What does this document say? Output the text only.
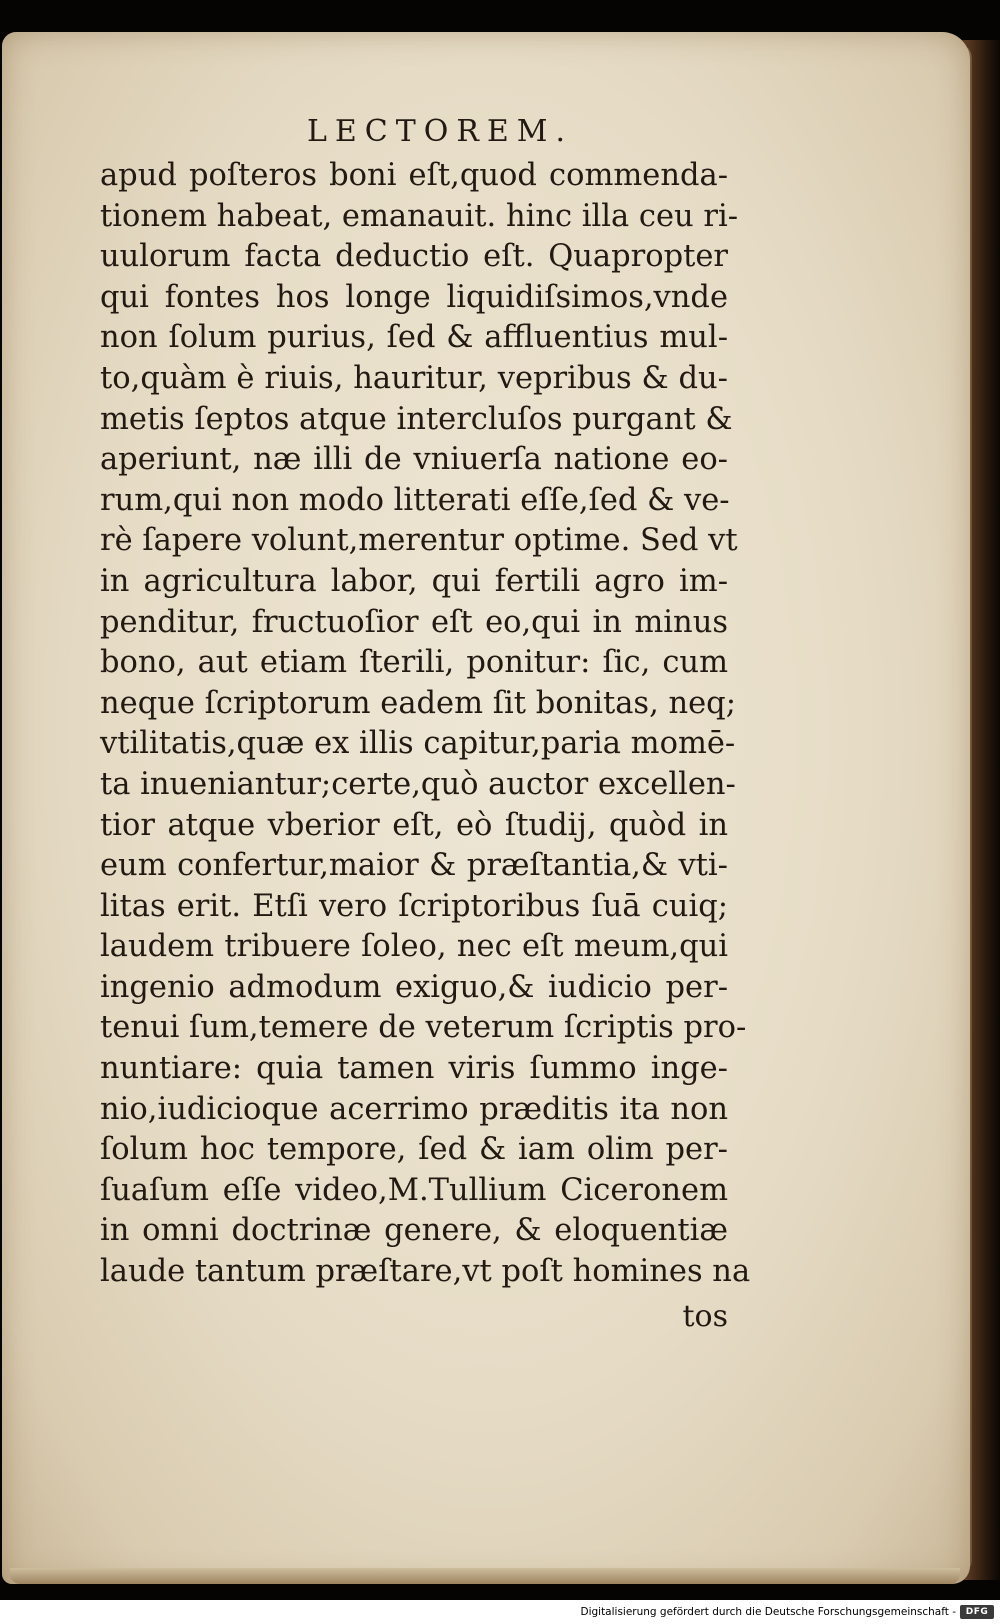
LECTOREM.
apud poſteros boni eſt,quod commenda-
tionem habeat, emanauit. hinc illa ceu ri-
uulorum facta deductio eſt. Quapropter
qui fontes hos longe liquidiſsimos,vnde
non ſolum purius, ſed & affluentius mul-
to,quàm è riuis, hauritur, vepribus & du-
metis ſeptos atque intercluſos purgant &
aperiunt, næ illi de vniuerſa natione eo-
rum,qui non modo litterati eſſe,ſed & ve-
rè ſapere volunt,merentur optime. Sed vt
in agricultura labor, qui fertili agro im-
penditur, fructuoſior eſt eo,qui in minus
bono, aut etiam ſterili, ponitur: ſic, cum
neque ſcriptorum eadem ſit bonitas, neq;
vtilitatis,quæ ex illis capitur,paria momē-
ta inueniantur;certe,quò auctor excellen-
tior atque vberior eſt, eò ſtudij, quòd in
eum confertur,maior & præſtantia,& vti-
litas erit. Etſi vero ſcriptoribus ſuā cuiq;
laudem tribuere ſoleo, nec eſt meum,qui
ingenio admodum exiguo,& iudicio per-
tenui ſum,temere de veterum ſcriptis pro-
nuntiare: quia tamen viris ſummo inge-
nio,iudicioque acerrimo præditis ita non
ſolum hoc tempore, ſed & iam olim per-
ſuaſum eſſe video,M.Tullium Ciceronem
in omni doctrinæ genere, & eloquentiæ
laude tantum præſtare,vt poſt homines na
tos
Digitalisierung gefördert durch die Deutsche Forschungsgemeinschaft -	DFG
